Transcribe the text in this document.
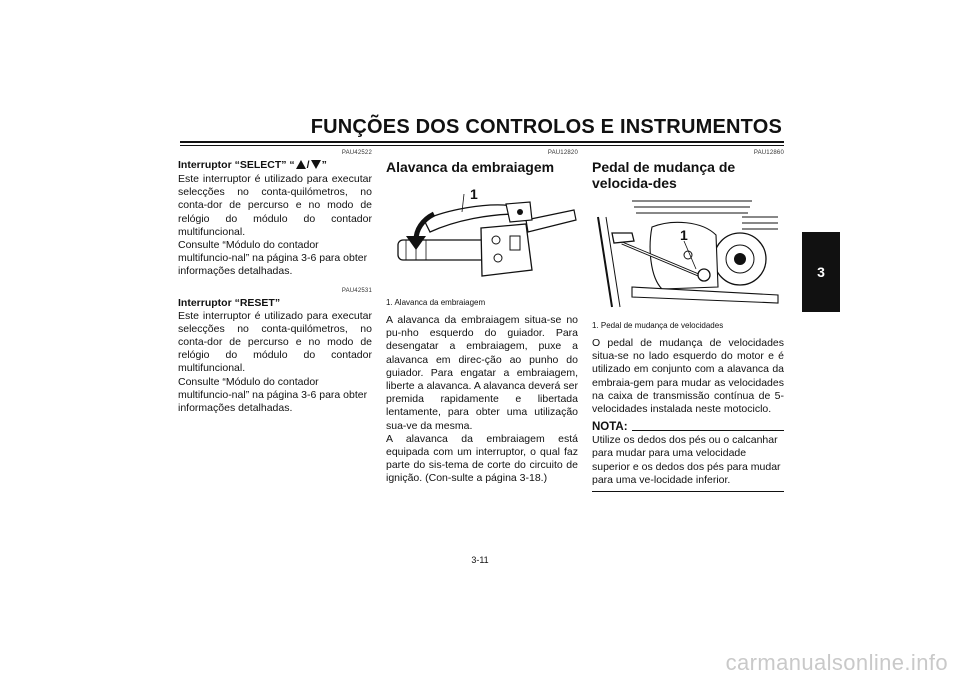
FUNÇÕES DOS CONTROLOS E INSTRUMENTOS
3
PAU42522
Interruptor “SELECT” “ / ”

Este interruptor é utilizado para executar selecções no conta-quilómetros, no conta-dor de percurso e no modo de relógio do módulo do contador multifuncional.

Consulte “Módulo do contador multifuncio-nal” na página 3-6 para obter informações detalhadas.

PAU42531
Interruptor “RESET”

Este interruptor é utilizado para executar selecções no conta-quilómetros, no conta-dor de percurso e no modo de relógio do módulo do contador multifuncional.

Consulte “Módulo do contador multifuncio-nal” na página 3-6 para obter informações detalhadas.

PAU12820
Alavanca da embraiagem
1
1. Alavanca da embraiagem

A alavanca da embraiagem situa-se no pu-nho esquerdo do guiador. Para desengatar a embraiagem, puxe a alavanca em direc-ção ao punho do guiador. Para engatar a embraiagem, liberte a alavanca. A alavanca deverá ser premida rapidamente e libertada lentamente, para obter uma utilização sua-ve da mesma.

A alavanca da embraiagem está equipada com um interruptor, o qual faz parte do sis-tema de corte do circuito de ignição. (Con-sulte a página 3-18.)

PAU12860
Pedal de mudança de velocida-des
1
1. Pedal de mudança de velocidades

O pedal de mudança de velocidades situa-se no lado esquerdo do motor e é utilizado em conjunto com a alavanca da embraia-gem para mudar as velocidades na caixa de transmissão contínua de 5-velocidades instalada neste motociclo.

NOTA:

Utilize os dedos dos pés ou o calcanhar para mudar para uma velocidade superior e os dedos dos pés para mudar para uma ve-locidade inferior.

3-11
carmanualsonline.info
